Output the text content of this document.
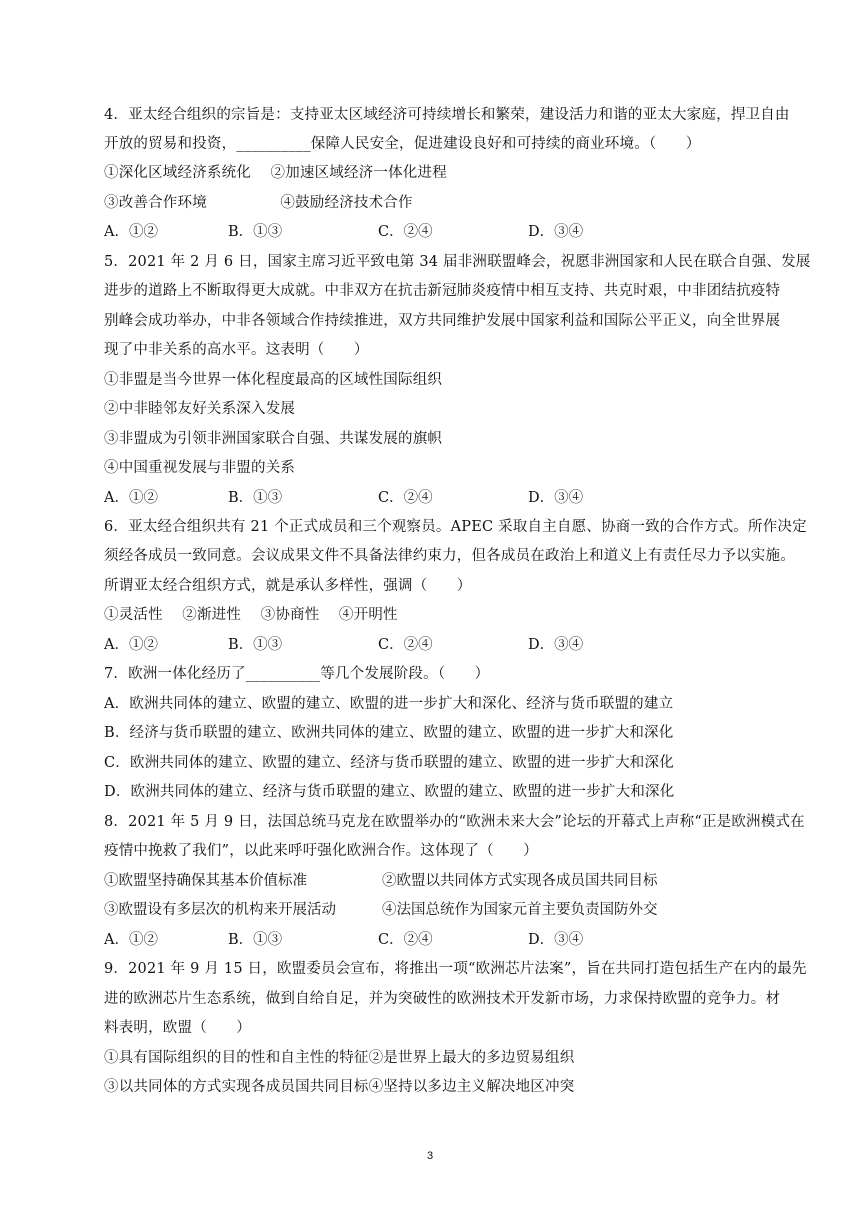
4．亚太经合组织的宗旨是：支持亚太区域经济可持续增长和繁荣，建设活力和谐的亚太大家庭，捍卫自由
开放的贸易和投资，__________保障人民安全，促进建设良好和可持续的商业环境。（　　）
①深化区域经济系统化　 ②加速区域经济一体化进程
③改善合作环境　　　　　④鼓励经济技术合作
A．①②	B．①③	C．②④	D．③④
5．2021 年 2 月 6 日，国家主席习近平致电第 34 届非洲联盟峰会，祝愿非洲国家和人民在联合自强、发展
进步的道路上不断取得更大成就。中非双方在抗击新冠肺炎疫情中相互支持、共克时艰，中非团结抗疫特
别峰会成功举办，中非各领域合作持续推进，双方共同维护发展中国家利益和国际公平正义，向全世界展
现了中非关系的高水平。这表明（　　）
①非盟是当今世界一体化程度最高的区域性国际组织
②中非睦邻友好关系深入发展
③非盟成为引领非洲国家联合自强、共谋发展的旗帜
④中国重视发展与非盟的关系
A．①②	B．①③	C．②④	D．③④
6．亚太经合组织共有 21 个正式成员和三个观察员。APEC 采取自主自愿、协商一致的合作方式。所作决定
须经各成员一致同意。会议成果文件不具备法律约束力，但各成员在政治上和道义上有责任尽力予以实施。
所谓亚太经合组织方式，就是承认多样性，强调（　　）
①灵活性　 ②渐进性　 ③协商性　 ④开明性
A．①②	B．①③	C．②④	D．③④
7．欧洲一体化经历了__________等几个发展阶段。（　　）
A．欧洲共同体的建立、欧盟的建立、欧盟的进一步扩大和深化、经济与货币联盟的建立
B．经济与货币联盟的建立、欧洲共同体的建立、欧盟的建立、欧盟的进一步扩大和深化
C．欧洲共同体的建立、欧盟的建立、经济与货币联盟的建立、欧盟的进一步扩大和深化
D．欧洲共同体的建立、经济与货币联盟的建立、欧盟的建立、欧盟的进一步扩大和深化
8．2021 年 5 月 9 日，法国总统马克龙在欧盟举办的“欧洲未来大会”论坛的开幕式上声称“正是欧洲模式在
疫情中挽救了我们”，以此来呼吁强化欧洲合作。这体现了（　　）
①欧盟坚持确保其基本价值标准	②欧盟以共同体方式实现各成员国共同目标
③欧盟设有多层次的机构来开展活动	④法国总统作为国家元首主要负责国防外交
A．①②	B．①③	C．②④	D．③④
9．2021 年 9 月 15 日，欧盟委员会宣布，将推出一项“欧洲芯片法案”，旨在共同打造包括生产在内的最先
进的欧洲芯片生态系统，做到自给自足，并为突破性的欧洲技术开发新市场，力求保持欧盟的竞争力。材
料表明，欧盟（　　）
①具有国际组织的目的性和自主性的特征②是世界上最大的多边贸易组织
③以共同体的方式实现各成员国共同目标④坚持以多边主义解决地区冲突
3
